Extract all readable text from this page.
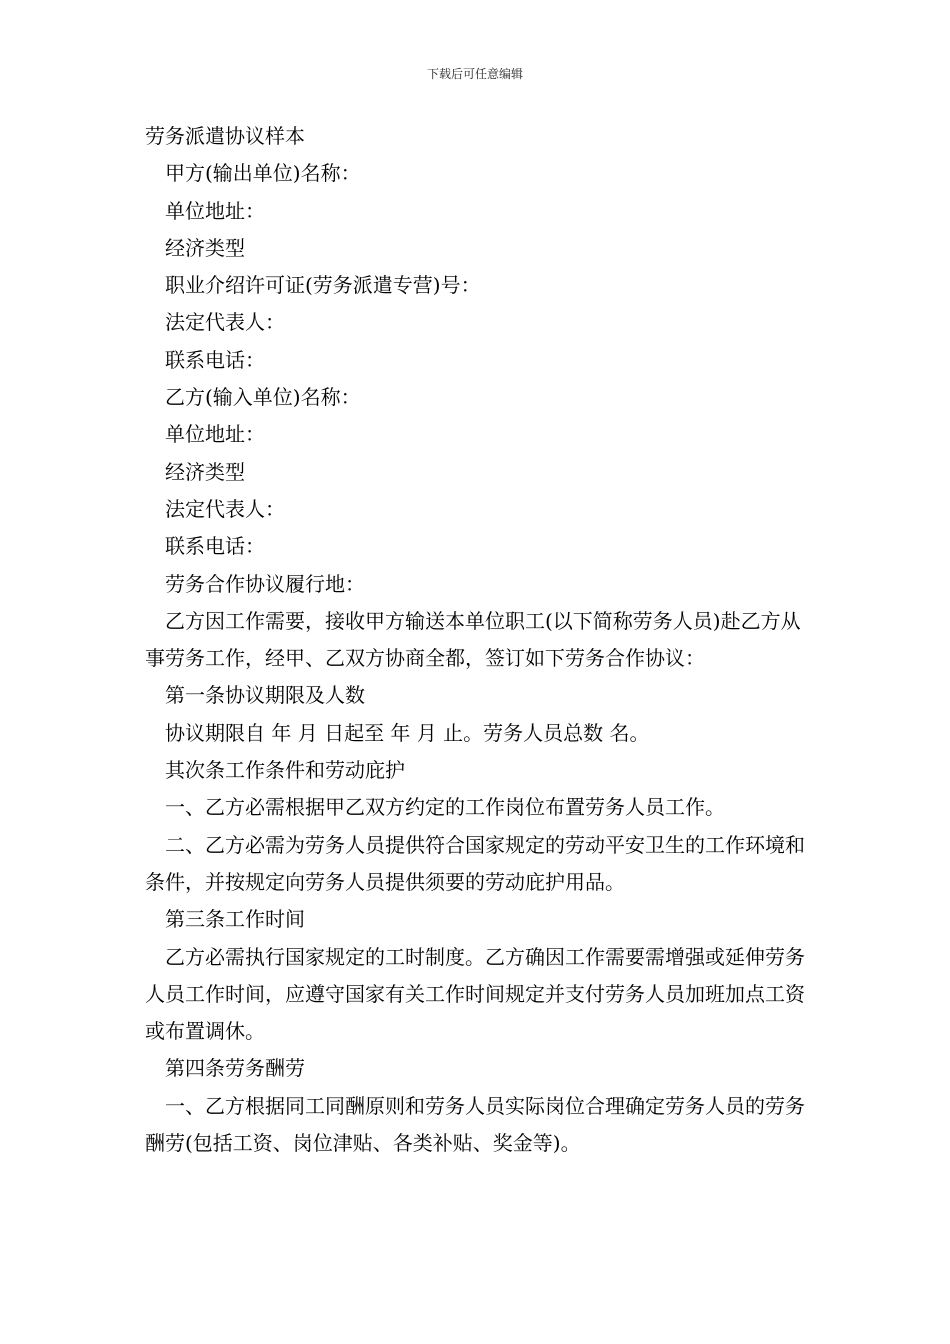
下载后可任意编辑

劳务派遣协议样本

甲方(输出单位)名称：

单位地址：

经济类型

职业介绍许可证(劳务派遣专营)号：

法定代表人：

联系电话：

乙方(输入单位)名称：

单位地址：

经济类型

法定代表人：

联系电话：

劳务合作协议履行地：

乙方因工作需要，接收甲方输送本单位职工(以下简称劳务人员)赴乙方从事劳务工作，经甲、乙双方协商全都，签订如下劳务合作协议：

第一条协议期限及人数

协议期限自 年 月 日起至 年 月 止。劳务人员总数 名。

其次条工作条件和劳动庇护

一、乙方必需根据甲乙双方约定的工作岗位布置劳务人员工作。

二、乙方必需为劳务人员提供符合国家规定的劳动平安卫生的工作环境和条件，并按规定向劳务人员提供须要的劳动庇护用品。

第三条工作时间

乙方必需执行国家规定的工时制度。乙方确因工作需要需增强或延伸劳务人员工作时间，应遵守国家有关工作时间规定并支付劳务人员加班加点工资或布置调休。

第四条劳务酬劳

一、乙方根据同工同酬原则和劳务人员实际岗位合理确定劳务人员的劳务酬劳(包括工资、岗位津贴、各类补贴、奖金等)。
